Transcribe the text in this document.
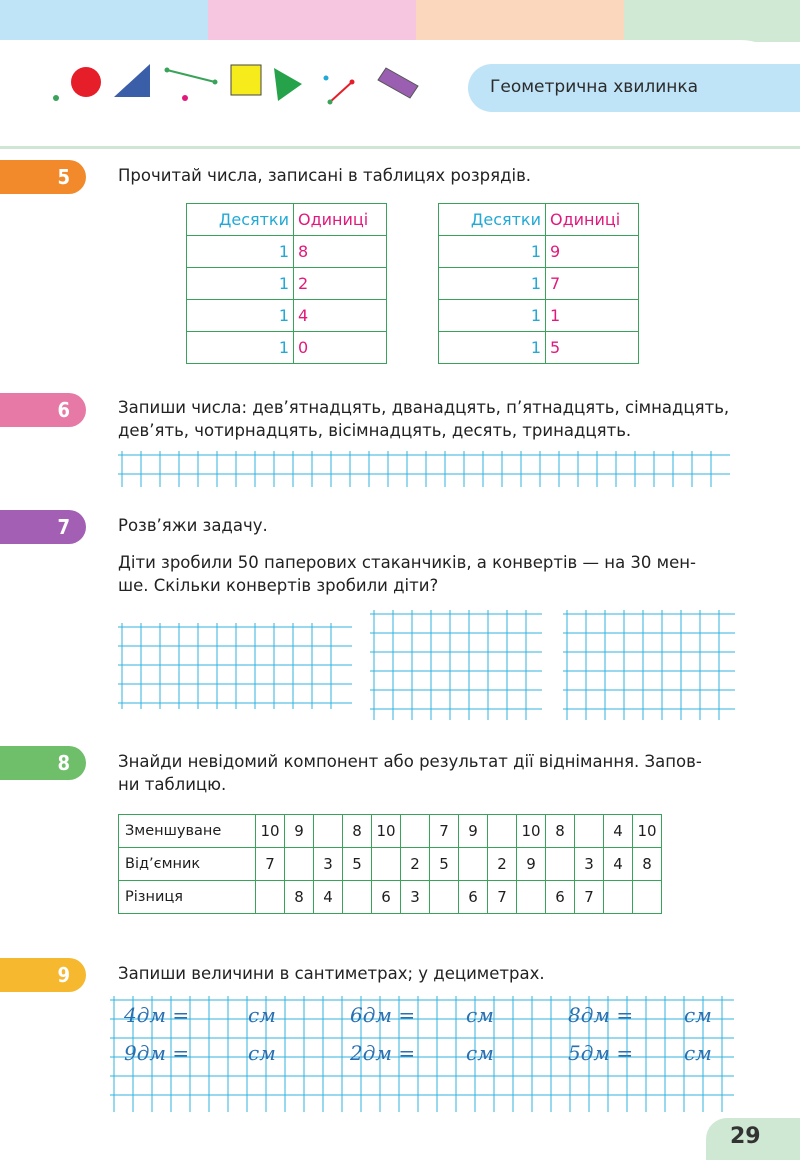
Геометрична хвилинка
5	Прочитай числа, записані в таблицях розрядів.
Десятки	Одиниці
1	8
1	2
1	4
1	0
Десятки	Одиниці
1	9
1	7
1	1
1	5
6	Запиши числа: дев’ятнадцять, дванадцять, п’ятнадцять, сімнадцять,
дев’ять, чотирнадцять, вісімнадцять, десять, тринадцять.
7	Розв’яжи задачу.
Діти зробили 50 паперових стаканчиків, а конвертів — на 30 мен-
ше. Скільки конвертів зробили діти?
8	Знайди невідомий компонент або результат дії віднімання. Запов-
ни таблицю.
Зменшуване	10	9		8	10		7	9		10	8		4	10
Від’ємник	7		3	5		2	5		2	9		3	4	8
Різниця		8	4		6	3		6	7		6	7		
9	Запиши величини в сантиметрах; у дециметрах.
4дм =	см	6дм =	см	8дм =	см
9дм =	см	2дм =	см	5дм =	см
29
